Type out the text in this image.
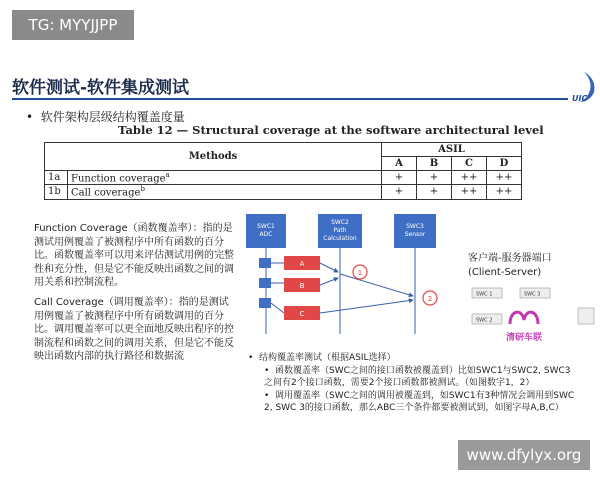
TG: MYYJJPP
软件测试-软件集成测试
UIC
•  软件架构层级结构覆盖度量
Table 12 — Structural coverage at the software architectural level
Methods		ASIL			
		A	B	C	D
1a	Function coverage$^a$	+	+	++	++
1b	Call coverage$^b$	+	+	++	++
Function Coverage（函数覆盖率）：指的是测试用例覆盖了被测程序中所有函数的百分比。函数覆盖率可以用来评估测试用例的完整性和充分性，但是它不能反映出函数之间的调用关系和控制流程。
Call Coverage（调用覆盖率）：指的是测试用例覆盖了被测程序中所有函数调用的百分比。调用覆盖率可以更全面地反映出程序的控制流程和函数之间的调用关系，但是它不能反映出函数内部的执行路径和数据流
SWC1
ADC
SWC2
Path
Calculation
SWC3
Sensor
A
B
C
1
2
客户端-服务器端口
(Client-Server)
SWC 1	SWC 3
SWC 2
清研车联
•  结构覆盖率测试（根据ASIL选择）
•  函数覆盖率（SWC之间的接口函数被覆盖到）比如SWC1与SWC2, SWC3之间有2个接口函数，需要2个接口函数都被测试。（如图数字1，2）
•  调用覆盖率（SWC之间的调用被覆盖到，如SWC1有3种情况会调用到SWC 2, SWC 3的接口函数，那么ABC三个条件都要被测试到，如图字母A,B,C）
www.dfylyx.org
